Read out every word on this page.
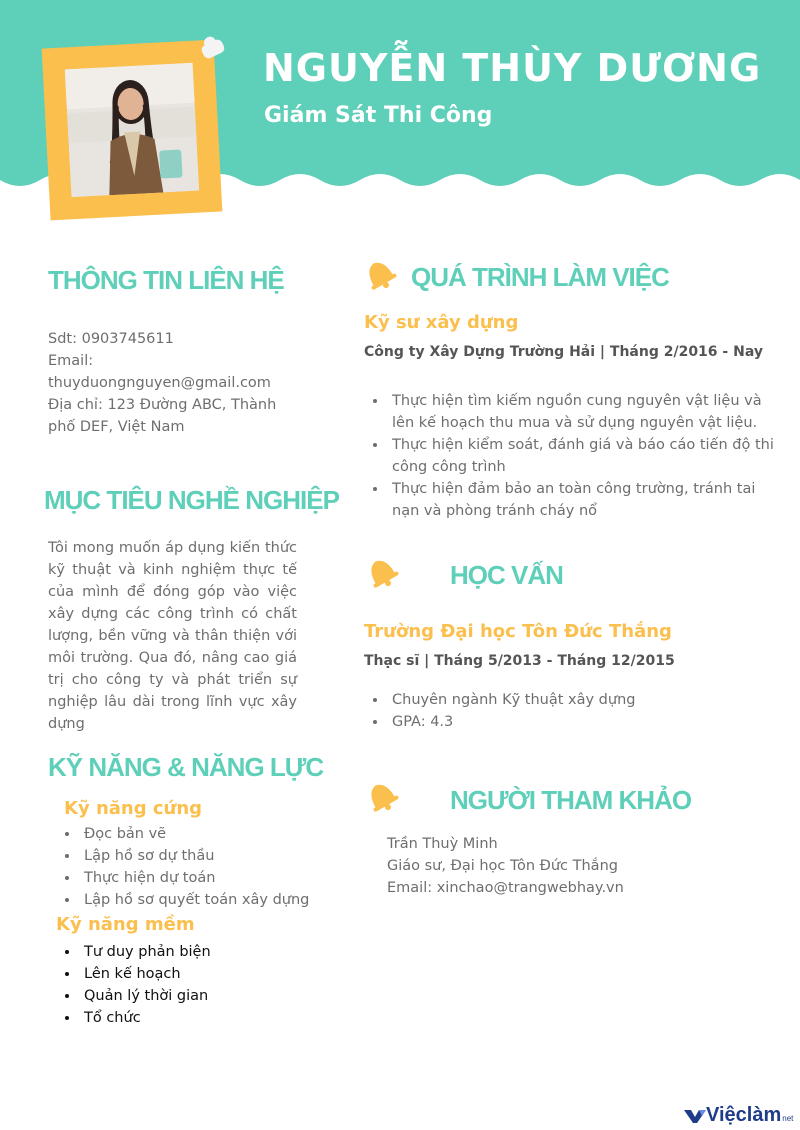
NGUYỄN THÙY DƯƠNG
Giám Sát Thi Công
THÔNG TIN LIÊN HỆ
Sdt: 0903745611
Email:
thuyduongnguyen@gmail.com
Địa chỉ: 123 Đường ABC, Thành phố DEF, Việt Nam
MỤC TIÊU NGHỀ NGHIỆP
Tôi mong muốn áp dụng kiến thức kỹ thuật và kinh nghiệm thực tế của mình để đóng góp vào việc xây dựng các công trình có chất lượng, bền vững và thân thiện với môi trường. Qua đó, nâng cao giá trị cho công ty và phát triển sự nghiệp lâu dài trong lĩnh vực xây dựng
KỸ NĂNG & NĂNG LỰC
Kỹ năng cứng
• Đọc bản vẽ
• Lập hồ sơ dự thầu
• Thực hiện dự toán
• Lập hồ sơ quyết toán xây dựng
Kỹ năng mềm
• Tư duy phản biện
• Lên kế hoạch
• Quản lý thời gian
• Tổ chức
QUÁ TRÌNH LÀM VIỆC
Kỹ sư xây dựng
Công ty Xây Dựng Trường Hải | Tháng 2/2016 - Nay
• Thực hiện tìm kiếm nguồn cung nguyên vật liệu và lên kế hoạch thu mua và sử dụng nguyên vật liệu.
• Thực hiện kiểm soát, đánh giá và báo cáo tiến độ thi công công trình
• Thực hiện đảm bảo an toàn công trường, tránh tai nạn và phòng tránh cháy nổ
HỌC VẤN
Trường Đại học Tôn Đức Thắng
Thạc sĩ | Tháng 5/2013 - Tháng 12/2015
• Chuyên ngành Kỹ thuật xây dựng
• GPA: 4.3
NGƯỜI THAM KHẢO
Trần Thuỳ Minh
Giáo sư, Đại học Tôn Đức Thắng
Email: xinchao@trangwebhay.vn
Việclàm net
